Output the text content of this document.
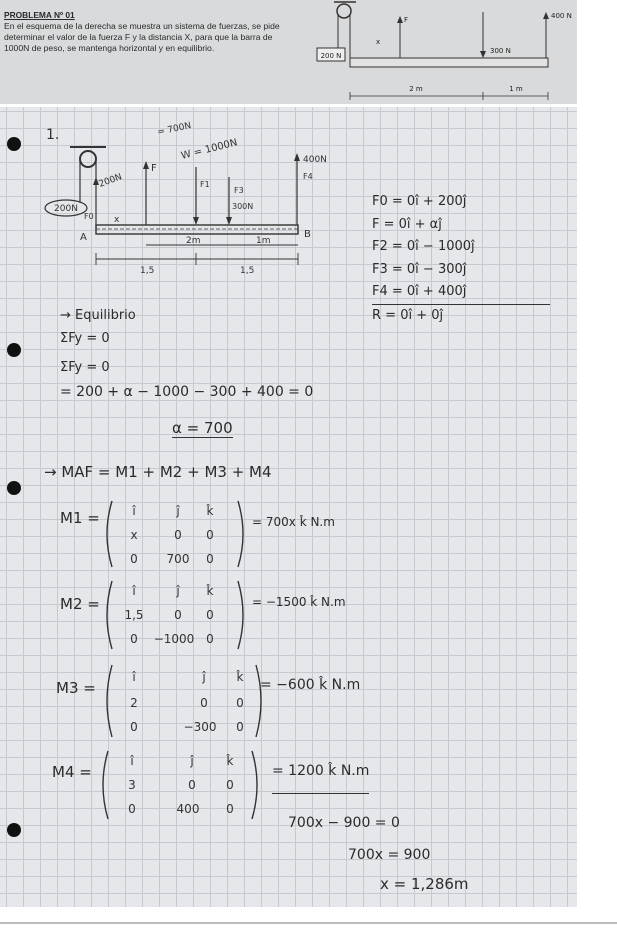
PROBLEMA Nº 01
En el esquema de la derecha se muestra un sistema de fuerzas, se pide determinar el valor de la fuerza F y la distancia X, para que la barra de 1000N de peso, se mantenga horizontal y en equilibrio.
200 N
F
x
300 N
400 N
2 m	1 m
1.
200N
200N
= 700N
W = 1000N
A	B
F0 x
F
F1
F3
300N
400N
F4
2m	1m
1,5	1,5
F0 = 0î + 200ĵ
F = 0î + αĵ
F2 = 0î − 1000ĵ
F3 = 0î − 300ĵ
F4 = 0î + 400ĵ
R = 0î + 0ĵ
→ Equilibrio
ΣFy = 0
ΣFy = 0
= 200 + α − 1000 − 300 + 400 = 0
α = 700
→ MAF = M1 + M2 + M3 + M4
M1 =	î	ĵ k̂
x	0 0
0 700 0
= 700x k̂ N.m
M2 =
î	ĵ k̂
1,5	0 0
0 −1000 0
= −1500 k̂ N.m
M3 =
î	ĵ	k̂
2	0 0
0	−300 0
= −600 k̂ N.m
M4 =
î	ĵ	k̂
3	0	0
0	400 0
= 1200 k̂ N.m
700x − 900 = 0
700x = 900
x = 1,286m
